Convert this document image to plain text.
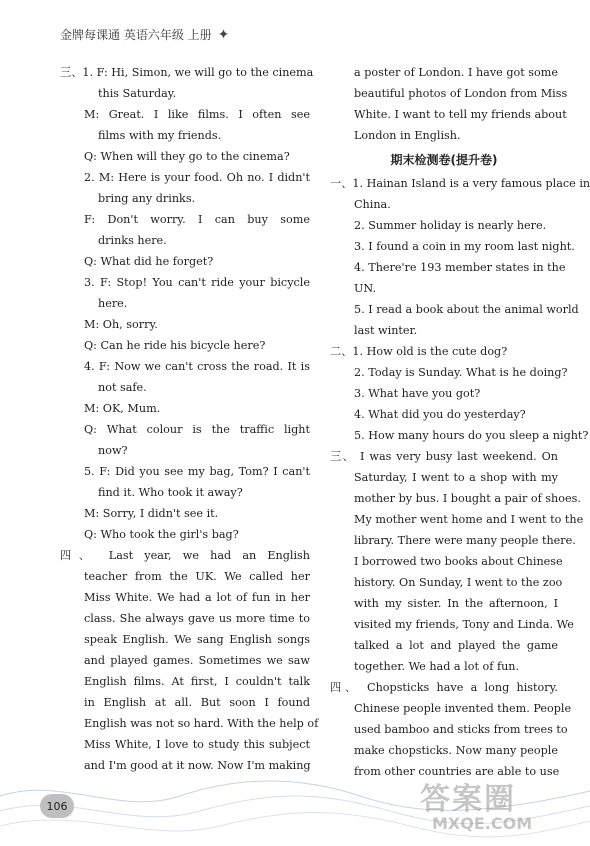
金牌每课通 英语六年级 上册 ✦
三、1. F: Hi, Simon, we will go to the cinema
this Saturday.
M: Great. I like films. I often see
films with my friends.
Q: When will they go to the cinema?
2. M: Here is your food. Oh no. I didn't
bring any drinks.
F: Don't worry. I can buy some
drinks here.
Q: What did he forget?
3. F: Stop! You can't ride your bicycle
here.
M: Oh, sorry.
Q: Can he ride his bicycle here?
4. F: Now we can't cross the road. It is
not safe.
M: OK, Mum.
Q: What colour is the traffic light
now?
5. F: Did you see my bag, Tom? I can't
find it. Who took it away?
M: Sorry, I didn't see it.
Q: Who took the girl's bag?
四、 Last year, we had an English
teacher from the UK. We called her
Miss White. We had a lot of fun in her
class. She always gave us more time to
speak English. We sang English songs
and played games. Sometimes we saw
English films. At first, I couldn't talk
in English at all. But soon I found
English was not so hard. With the help of
Miss White, I love to study this subject
and I'm good at it now. Now I'm making
a poster of London. I have got some
beautiful photos of London from Miss
White. I want to tell my friends about
London in English.
期末检测卷(提升卷)
一、1. Hainan Island is a very famous place in
China.
2. Summer holiday is nearly here.
3. I found a coin in my room last night.
4. There're 193 member states in the
UN.
5. I read a book about the animal world
last winter.
二、1. How old is the cute dog?
2. Today is Sunday. What is he doing?
3. What have you got?
4. What did you do yesterday?
5. How many hours do you sleep a night?
三、 I was very busy last weekend. On
Saturday, I went to a shop with my
mother by bus. I bought a pair of shoes.
My mother went home and I went to the
library. There were many people there.
I borrowed two books about Chinese
history. On Sunday, I went to the zoo
with my sister. In the afternoon, I
visited my friends, Tony and Linda. We
talked a lot and played the game
together. We had a lot of fun.
四、 Chopsticks have a long history.
Chinese people invented them. People
used bamboo and sticks from trees to
make chopsticks. Now many people
from other countries are able to use
106	答案圈
MXQE.COM
